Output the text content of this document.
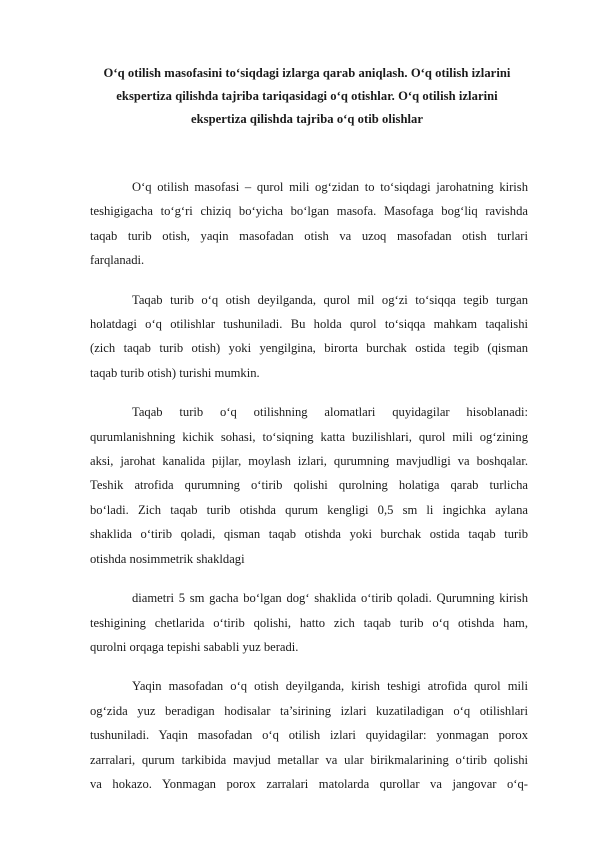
O‘q otilish masofasini to‘siqdagi izlarga qarab aniqlash. O‘q otilish izlarini
ekspertiza qilishda tajriba tariqasidagi o‘q otishlar. O‘q otilish izlarini
ekspertiza qilishda tajriba o‘q otib olishlar
O‘q otilish masofasi – qurol mili og‘zidan to to‘siqdagi jarohatning kirish
teshigigacha to‘g‘ri chiziq bo‘yicha bo‘lgan masofa. Masofaga bog‘liq ravishda
taqab turib otish, yaqin masofadan otish va uzoq masofadan otish turlari
farqlanadi.
Taqab turib o‘q otish deyilganda, qurol mil og‘zi to‘siqqa tegib turgan
holatdagi o‘q otilishlar tushuniladi. Bu holda qurol to‘siqqa mahkam taqalishi
(zich taqab turib otish) yoki yengilgina, birorta burchak ostida tegib (qisman
taqab turib otish) turishi mumkin.
Taqab turib o‘q otilishning alomatlari quyidagilar hisoblanadi:
qurumlanishning kichik sohasi, to‘siqning katta buzilishlari, qurol mili og‘zining
aksi, jarohat kanalida pijlar, moylash izlari, qurumning mavjudligi va boshqalar.
Teshik atrofida qurumning o‘tirib qolishi qurolning holatiga qarab turlicha
bo‘ladi. Zich taqab turib otishda qurum kengligi 0,5 sm li ingichka aylana
shaklida o‘tirib qoladi, qisman taqab otishda yoki burchak ostida taqab turib
otishda nosimmetrik shakldagi
diametri 5 sm gacha bo‘lgan dog‘ shaklida o‘tirib qoladi. Qurumning kirish
teshigining chetlarida o‘tirib qolishi, hatto zich taqab turib o‘q otishda ham,
qurolni orqaga tepishi sababli yuz beradi.
Yaqin masofadan o‘q otish deyilganda, kirish teshigi atrofida qurol mili
og‘zida yuz beradigan hodisalar ta’sirining izlari kuzatiladigan o‘q otilishlari
tushuniladi. Yaqin masofadan o‘q otilish izlari quyidagilar: yonmagan porox
zarralari, qurum tarkibida mavjud metallar va ular birikmalarining o‘tirib qolishi
va hokazo. Yonmagan porox zarralari matolarda qurollar va jangovar o‘q-
